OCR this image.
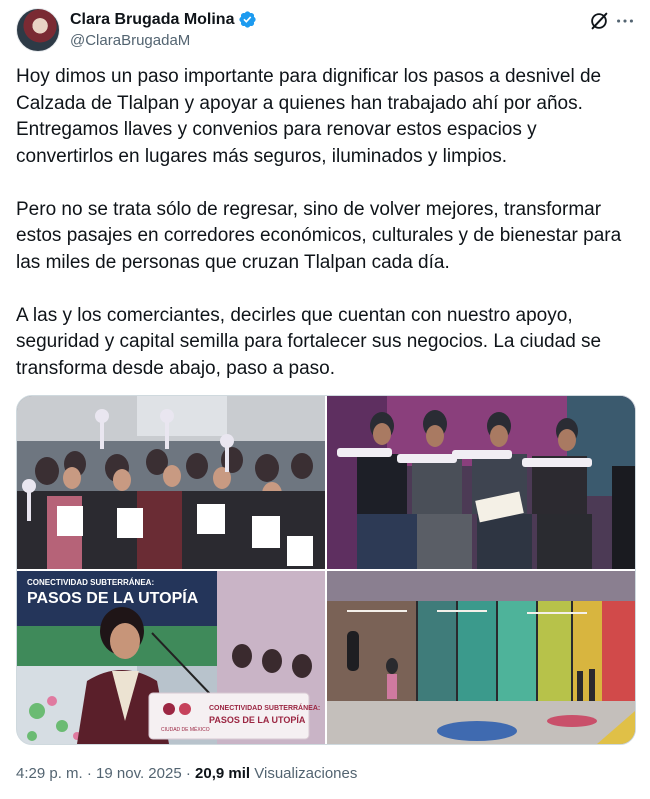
Clara Brugada Molina
@ClaraBrugadaM

Hoy dimos un paso importante para dignificar los pasos a desnivel de
Calzada de Tlalpan y apoyar a quienes han trabajado ahí por años.
Entregamos llaves y convenios para renovar estos espacios y
convertirlos en lugares más seguros, iluminados y limpios.

Pero no se trata sólo de regresar, sino de volver mejores, transformar
estos pasajes en corredores económicos, culturales y de bienestar para
las miles de personas que cruzan Tlalpan cada día.

A las y los comerciantes, decirles que cuentan con nuestro apoyo,
seguridad y capital semilla para fortalecer sus negocios. La ciudad se
transforma desde abajo, paso a paso.

CONECTIVIDAD SUBTERRÁNEA:
PASOS DE LA UTOPÍA
CIUDAD DE MÉXICO
CONECTIVIDAD SUBTERRÁNEA:
PASOS DE LA UTOPÍA
4:29 p. m. · 19 nov. 2025 · 20,9 mil Visualizaciones
